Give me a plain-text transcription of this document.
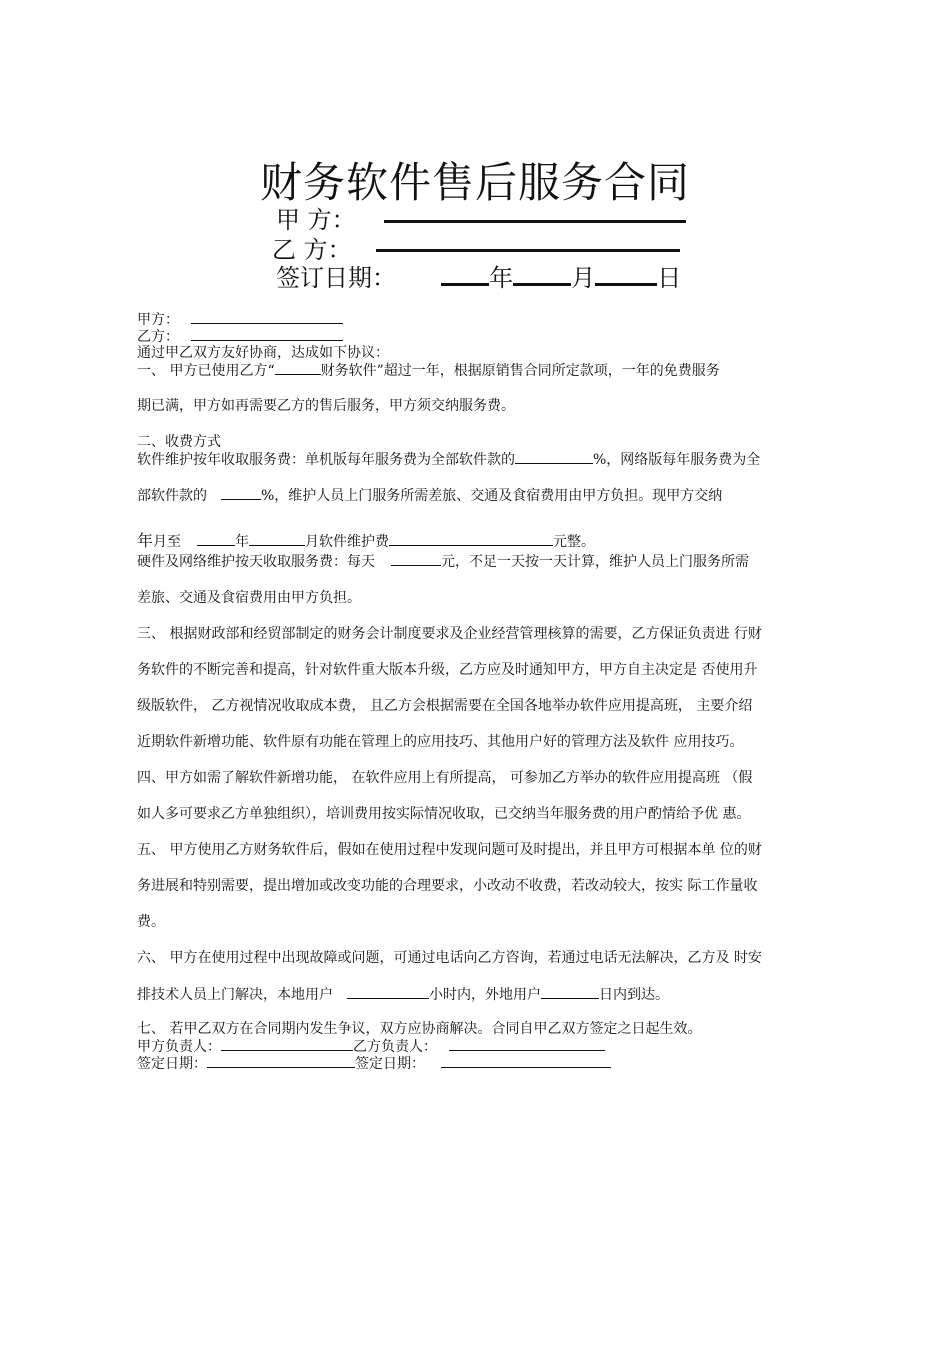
财务软件售后服务合同
甲 方：
乙 方：
签订日期：	年 月	日
甲方：
乙方：
通过甲乙双方友好协商，达成如下协议：
一、 甲方已使用乙方“	财务软件”超过一年，根据原销售合同所定款项，一年的免费服务
期已满，甲方如再需要乙方的售后服务，甲方须交纳服务费。
二、收费方式
软件维护按年收取服务费：单机版每年服务费为全部软件款的	%，网络版每年服务费为全
部软件款的	%，维护人员上门服务所需差旅、交通及食宿费用由甲方负担。现甲方交纳
年月至	年	月软件维护费	元整。
硬件及网络维护按天收取服务费：每天	元，不足一天按一天计算，维护人员上门服务所需
差旅、交通及食宿费用由甲方负担。
三、 根据财政部和经贸部制定的财务会计制度要求及企业经营管理核算的需要，乙方保证负责进 行财
务软件的不断完善和提高，针对软件重大版本升级，乙方应及时通知甲方，甲方自主决定是 否使用升
级版软件， 乙方视情况收取成本费， 且乙方会根据需要在全国各地举办软件应用提高班， 主要介绍
近期软件新增功能、软件原有功能在管理上的应用技巧、其他用户好的管理方法及软件 应用技巧。
四、甲方如需了解软件新增功能， 在软件应用上有所提高， 可参加乙方举办的软件应用提高班 （假
如人多可要求乙方单独组织），培训费用按实际情况收取，已交纳当年服务费的用户酌情给予优 惠。
五、 甲方使用乙方财务软件后，假如在使用过程中发现问题可及时提出，并且甲方可根据本单 位的财
务进展和特别需要，提出增加或改变功能的合理要求，小改动不收费，若改动较大，按实 际工作量收
费。
六、 甲方在使用过程中出现故障或问题，可通过电话向乙方咨询，若通过电话无法解决，乙方及 时安
排技术人员上门解决，本地用户	小时内，外地用户	日内到达。
七、 若甲乙双方在合同期内发生争议，双方应协商解决。合同自甲乙双方签定之日起生效。
甲方负责人：	乙方负责人：
签定日期：	签定日期：
